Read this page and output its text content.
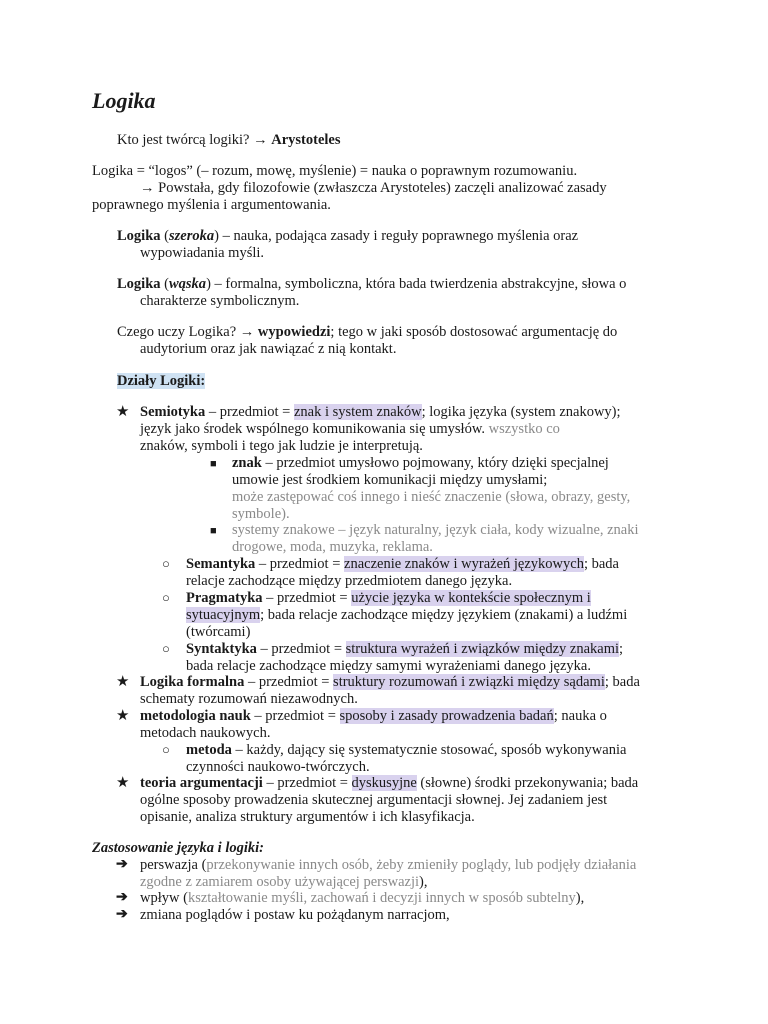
Logika
Kto jest twórcą logiki? → Arystoteles
Logika = “logos” (– rozum, mowę, myślenie) = nauka o poprawnym rozumowaniu.
→ Powstała, gdy filozofowie (zwłaszcza Arystoteles) zaczęli analizować zasady
poprawnego myślenia i argumentowania.
Logika (szeroka) – nauka, podająca zasady i reguły poprawnego myślenia oraz
wypowiadania myśli.
Logika (wąska) – formalna, symboliczna, która bada twierdzenia abstrakcyjne, słowa o
charakterze symbolicznym.
Czego uczy Logika? → wypowiedzi; tego w jaki sposób dostosować argumentację do
audytorium oraz jak nawiązać z nią kontakt.
Działy Logiki:
★ Semiotyka – przedmiot = znak i system znaków; logika języka (system znakowy);
język jako środek wspólnego komunikowania się umysłów. wszystko co
znaków, symboli i tego jak ludzie je interpretują.
■ znak – przedmiot umysłowo pojmowany, który dzięki specjalnej
umowie jest środkiem komunikacji między umysłami;
może zastępować coś innego i nieść znaczenie (słowa, obrazy, gesty,
symbole).
■ systemy znakowe – język naturalny, język ciała, kody wizualne, znaki
drogowe, moda, muzyka, reklama.
○ Semantyka – przedmiot = znaczenie znaków i wyrażeń językowych; bada
relacje zachodzące między przedmiotem danego języka.
○ Pragmatyka – przedmiot = użycie języka w kontekście społecznym i
sytuacyjnym; bada relacje zachodzące między językiem (znakami) a ludźmi
(twórcami)
○ Syntaktyka – przedmiot = struktura wyrażeń i związków między znakami;
bada relacje zachodzące między samymi wyrażeniami danego języka.
★ Logika formalna – przedmiot = struktury rozumowań i związki między sądami; bada
schematy rozumowań niezawodnych.
★ metodologia nauk – przedmiot = sposoby i zasady prowadzenia badań; nauka o
metodach naukowych.
○ metoda – każdy, dający się systematycznie stosować, sposób wykonywania
czynności naukowo-twórczych.
★ teoria argumentacji – przedmiot = dyskusyjne (słowne) środki przekonywania; bada
ogólne sposoby prowadzenia skutecznej argumentacji słownej. Jej zadaniem jest
opisanie, analiza struktury argumentów i ich klasyfikacja.
Zastosowanie języka i logiki:
➔ perswazja (przekonywanie innych osób, żeby zmieniły poglądy, lub podjęły działania
zgodne z zamiarem osoby używającej perswazji),
➔ wpływ (kształtowanie myśli, zachowań i decyzji innych w sposób subtelny),
➔ zmiana poglądów i postaw ku pożądanym narracjom,
